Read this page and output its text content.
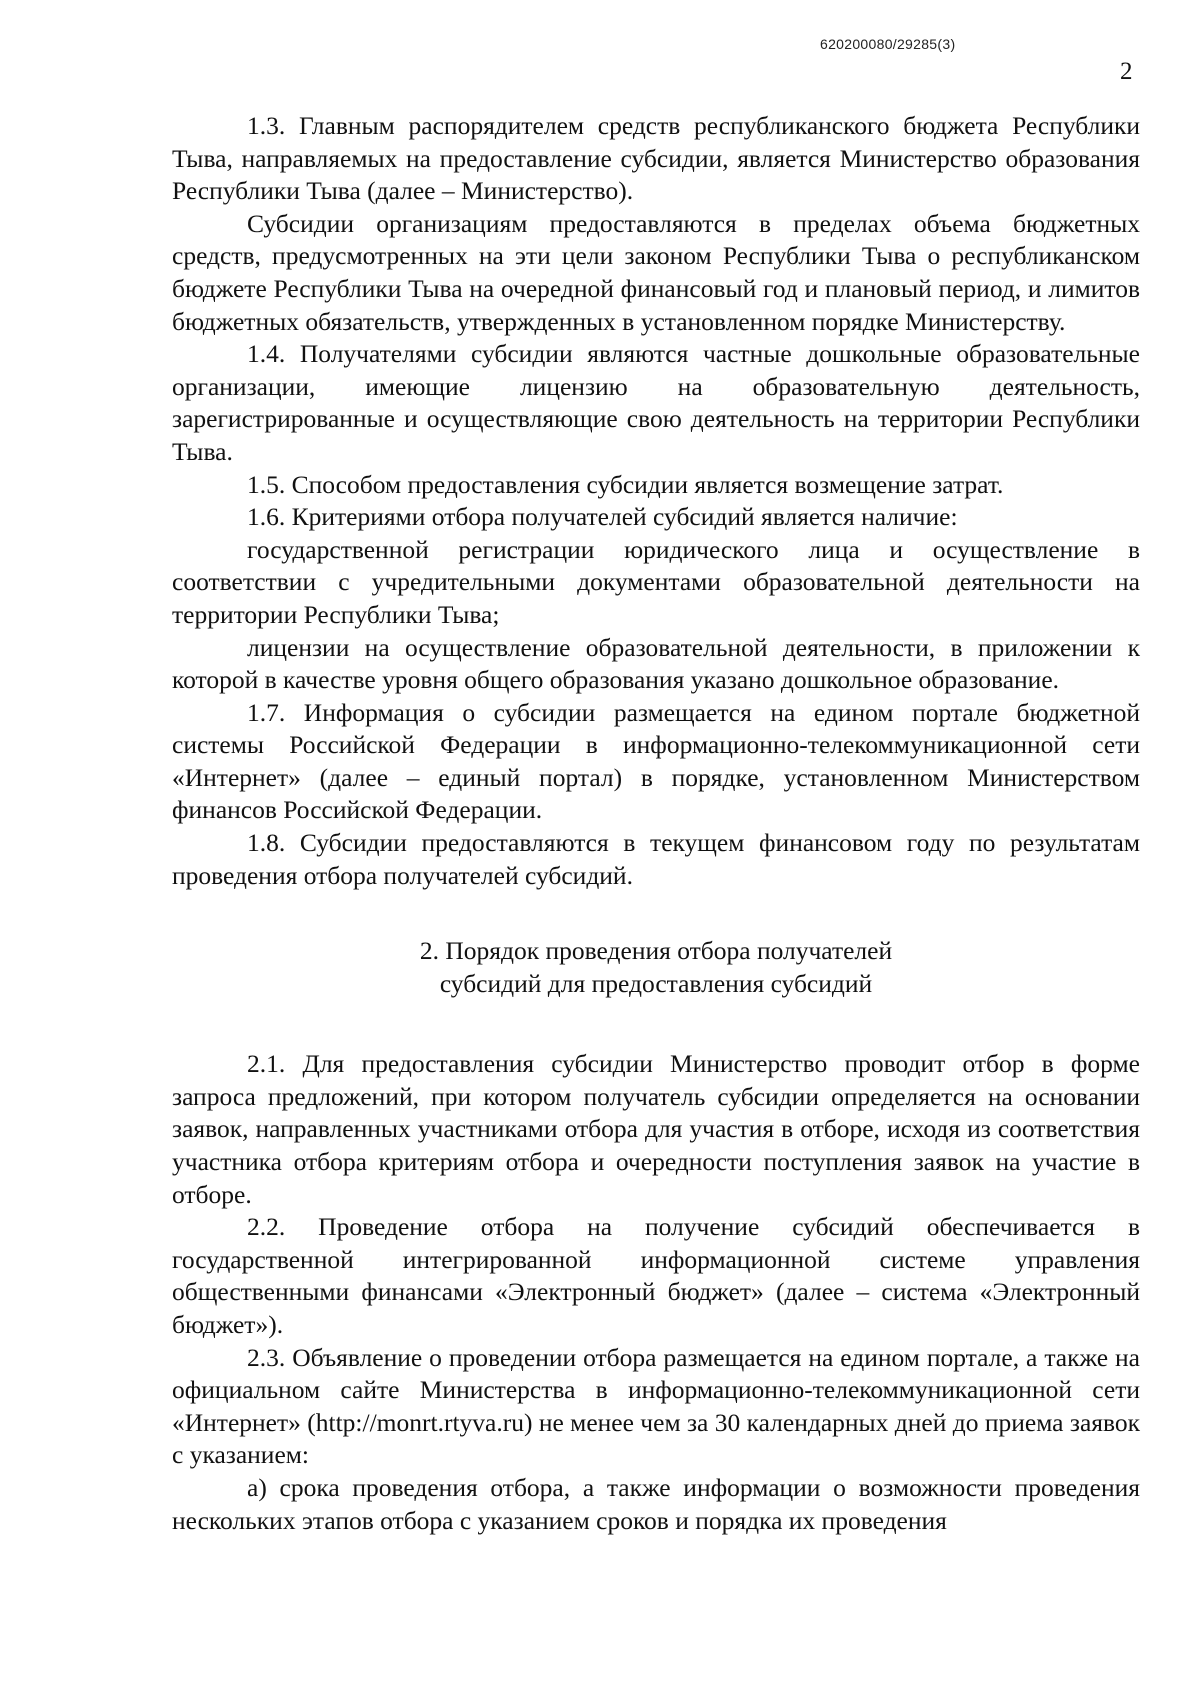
620200080/29285(3)
2

1.3. Главным распорядителем средств республиканского бюджета Республики Тыва, направляемых на предоставление субсидии, является Министерство образования Республики Тыва (далее – Министерство).

Субсидии организациям предоставляются в пределах объема бюджетных средств, предусмотренных на эти цели законом Республики Тыва о республиканском бюджете Республики Тыва на очередной финансовый год и плановый период, и лимитов бюджетных обязательств, утвержденных в установленном порядке Министерству.

1.4. Получателями субсидии являются частные дошкольные образовательные организации, имеющие лицензию на образовательную деятельность, зарегистрированные и осуществляющие свою деятельность на территории Республики Тыва.

1.5. Способом предоставления субсидии является возмещение затрат.

1.6. Критериями отбора получателей субсидий является наличие:

государственной регистрации юридического лица и осуществление в соответствии с учредительными документами образовательной деятельности на территории Республики Тыва;

лицензии на осуществление образовательной деятельности, в приложении к которой в качестве уровня общего образования указано дошкольное образование.

1.7. Информация о субсидии размещается на едином портале бюджетной системы Российской Федерации в информационно-телекоммуникационной сети «Интернет» (далее – единый портал) в порядке, установленном Министерством финансов Российской Федерации.

1.8. Субсидии предоставляются в текущем финансовом году по результатам проведения отбора получателей субсидий.

2. Порядок проведения отбора получателей
субсидий для предоставления субсидий

2.1. Для предоставления субсидии Министерство проводит отбор в форме запроса предложений, при котором получатель субсидии определяется на основании заявок, направленных участниками отбора для участия в отборе, исходя из соответствия участника отбора критериям отбора и очередности поступления заявок на участие в отборе.

2.2. Проведение отбора на получение субсидий обеспечивается в государственной интегрированной информационной системе управления общественными финансами «Электронный бюджет» (далее – система «Электронный бюджет»).

2.3. Объявление о проведении отбора размещается на едином портале, а также на официальном сайте Министерства в информационно-телекоммуникационной сети «Интернет» (http://monrt.rtyva.ru) не менее чем за 30 календарных дней до приема заявок с указанием:

а) срока проведения отбора, а также информации о возможности проведения нескольких этапов отбора с указанием сроков и порядка их проведения
